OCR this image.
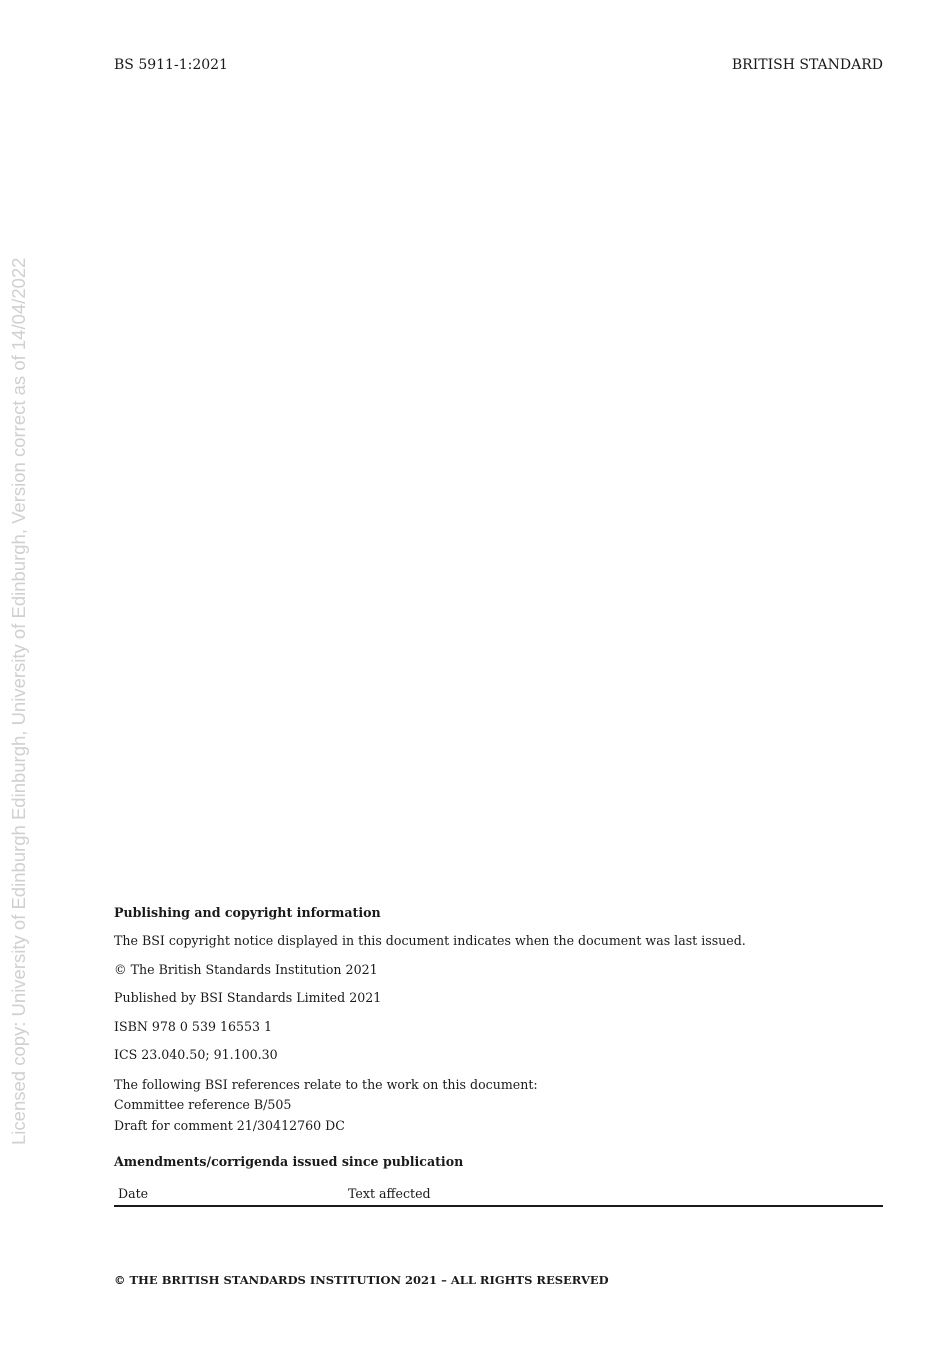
BS 5911-1:2021	BRITISH STANDARD
Licensed copy: University of Edinburgh Edinburgh, University of Edinburgh, Version correct as of 14/04/2022	Publishing and copyright information
The BSI copyright notice displayed in this document indicates when the document was last issued.
© The British Standards Institution 2021
Published by BSI Standards Limited 2021
ISBN 978 0 539 16553 1
ICS 23.040.50; 91.100.30
The following BSI references relate to the work on this document:
Committee reference B/505
Draft for comment 21/30412760 DC
Amendments/corrigenda issued since publication
Date	Text affected
© THE BRITISH STANDARDS INSTITUTION 2021 – ALL RIGHTS RESERVED
